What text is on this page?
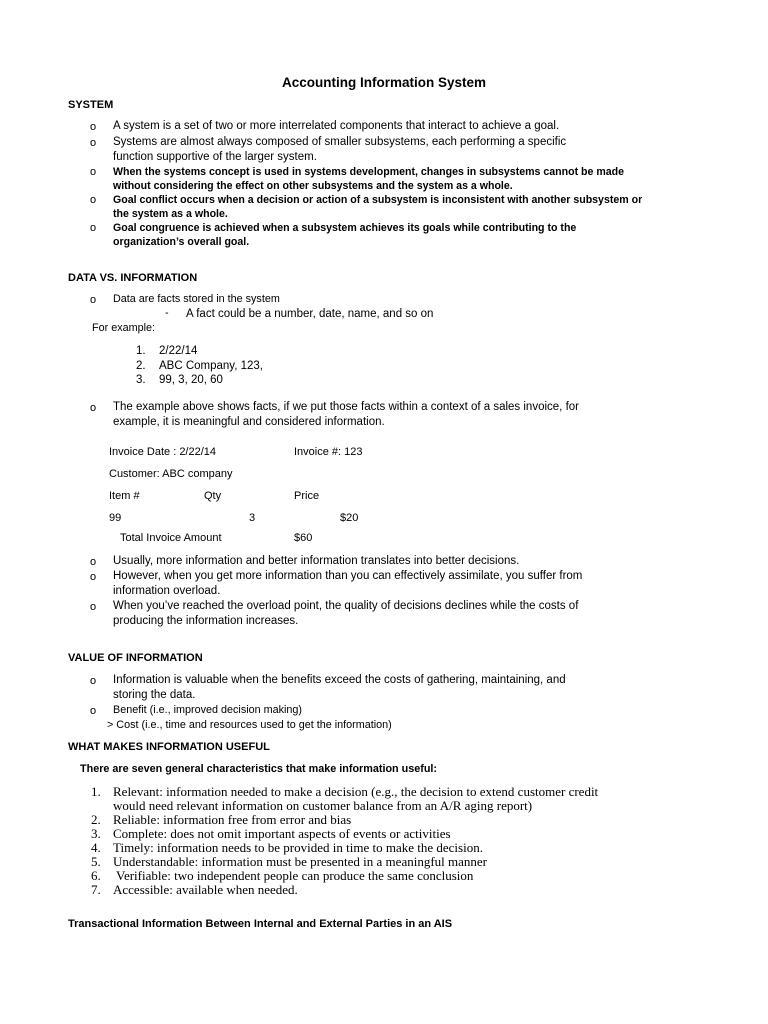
Accounting Information System
SYSTEM
o A system is a set of two or more interrelated components that interact to achieve a goal.
o Systems are almost always composed of smaller subsystems, each performing a specific
function supportive of the larger system.
o When the systems concept is used in systems development, changes in subsystems cannot be made
without considering the effect on other subsystems and the system as a whole.
o Goal conflict occurs when a decision or action of a subsystem is inconsistent with another subsystem or
the system as a whole.
o Goal congruence is achieved when a subsystem achieves its goals while contributing to the
organization’s overall goal.
DATA VS. INFORMATION
o Data are facts stored in the system
- A fact could be a number, date, name, and so on
For example:
1. 2/22/14
2. ABC Company, 123,
3. 99, 3, 20, 60
o The example above shows facts, if we put those facts within a context of a sales invoice, for
example, it is meaningful and considered information.
Invoice Date : 2/22/14	Invoice #: 123
Customer: ABC company
Item #	Qty	Price
99	3	$20
Total Invoice Amount	$60
o Usually, more information and better information translates into better decisions.
o However, when you get more information than you can effectively assimilate, you suffer from
information overload.
o When you’ve reached the overload point, the quality of decisions declines while the costs of
producing the information increases.
VALUE OF INFORMATION
o Information is valuable when the benefits exceed the costs of gathering, maintaining, and
storing the data.
o Benefit (i.e., improved decision making)
> Cost (i.e., time and resources used to get the information)
WHAT MAKES INFORMATION USEFUL
There are seven general characteristics that make information useful:
1. Relevant: information needed to make a decision (e.g., the decision to extend customer credit
would need relevant information on customer balance from an A/R aging report)
2. Reliable: information free from error and bias
3. Complete: does not omit important aspects of events or activities
4. Timely: information needs to be provided in time to make the decision.
5. Understandable: information must be presented in a meaningful manner
6. Verifiable: two independent people can produce the same conclusion
7. Accessible: available when needed.
Transactional Information Between Internal and External Parties in an AIS
